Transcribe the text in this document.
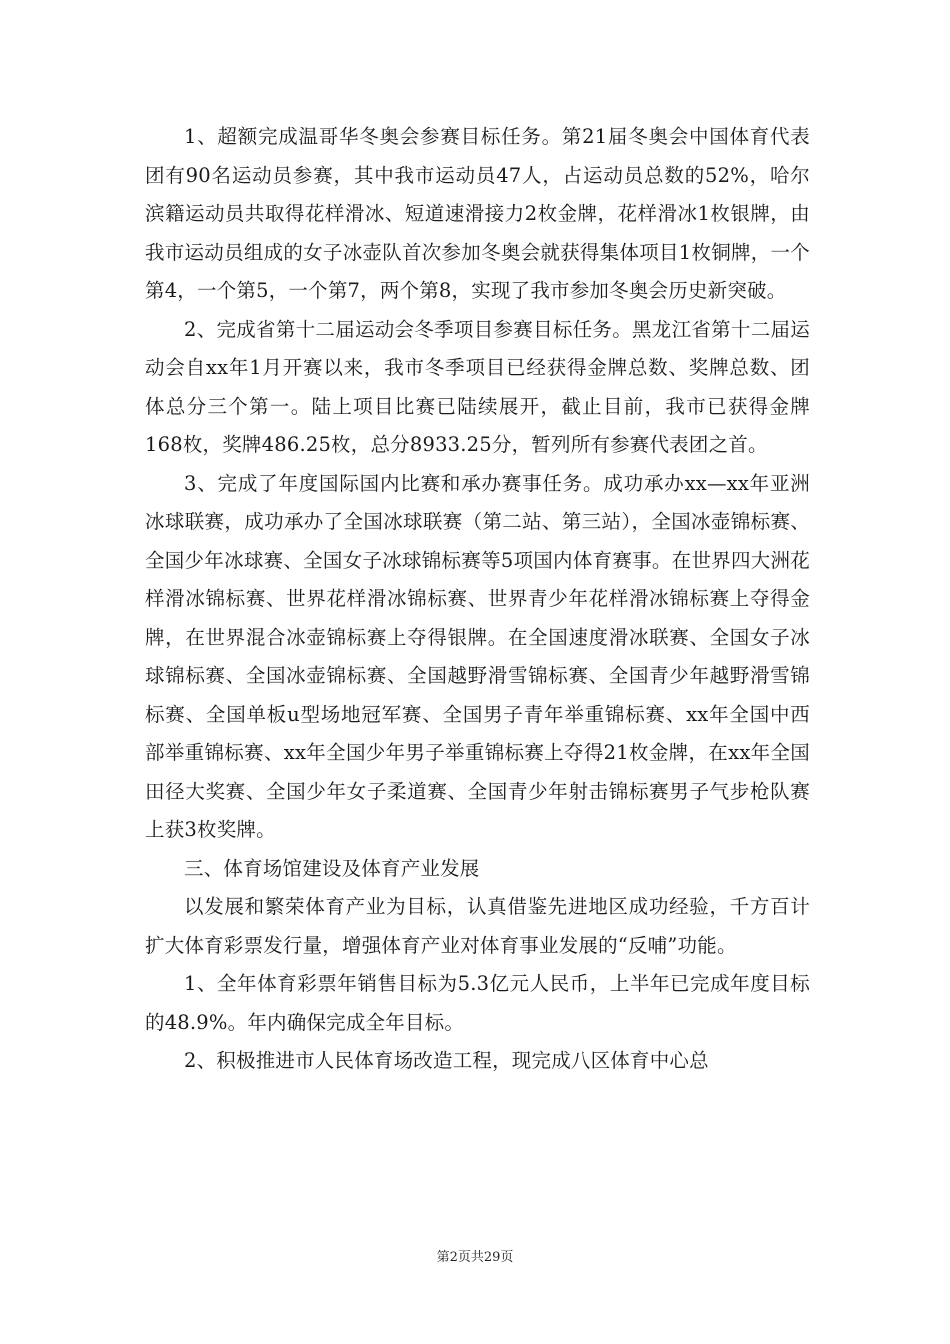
1、超额完成温哥华冬奥会参赛目标任务。第21届冬奥会中国体育代表团有90名运动员参赛，其中我市运动员47人，占运动员总数的52%，哈尔滨籍运动员共取得花样滑冰、短道速滑接力2枚金牌，花样滑冰1枚银牌，由我市运动员组成的女子冰壶队首次参加冬奥会就获得集体项目1枚铜牌，一个第4，一个第5，一个第7，两个第8，实现了我市参加冬奥会历史新突破。

2、完成省第十二届运动会冬季项目参赛目标任务。黑龙江省第十二届运动会自xx年1月开赛以来，我市冬季项目已经获得金牌总数、奖牌总数、团体总分三个第一。陆上项目比赛已陆续展开，截止目前，我市已获得金牌168枚，奖牌486.25枚，总分8933.25分，暂列所有参赛代表团之首。

3、完成了年度国际国内比赛和承办赛事任务。成功承办xx—xx年亚洲冰球联赛，成功承办了全国冰球联赛（第二站、第三站），全国冰壶锦标赛、全国少年冰球赛、全国女子冰球锦标赛等5项国内体育赛事。在世界四大洲花样滑冰锦标赛、世界花样滑冰锦标赛、世界青少年花样滑冰锦标赛上夺得金牌，在世界混合冰壶锦标赛上夺得银牌。在全国速度滑冰联赛、全国女子冰球锦标赛、全国冰壶锦标赛、全国越野滑雪锦标赛、全国青少年越野滑雪锦标赛、全国单板u型场地冠军赛、全国男子青年举重锦标赛、xx年全国中西部举重锦标赛、xx年全国少年男子举重锦标赛上夺得21枚金牌，在xx年全国田径大奖赛、全国少年女子柔道赛、全国青少年射击锦标赛男子气步枪队赛上获3枚奖牌。

三、体育场馆建设及体育产业发展

以发展和繁荣体育产业为目标，认真借鉴先进地区成功经验，千方百计扩大体育彩票发行量，增强体育产业对体育事业发展的“反哺”功能。

1、全年体育彩票年销售目标为5.3亿元人民币，上半年已完成年度目标的48.9%。年内确保完成全年目标。

2、积极推进市人民体育场改造工程，现完成八区体育中心总

第2页共29页
